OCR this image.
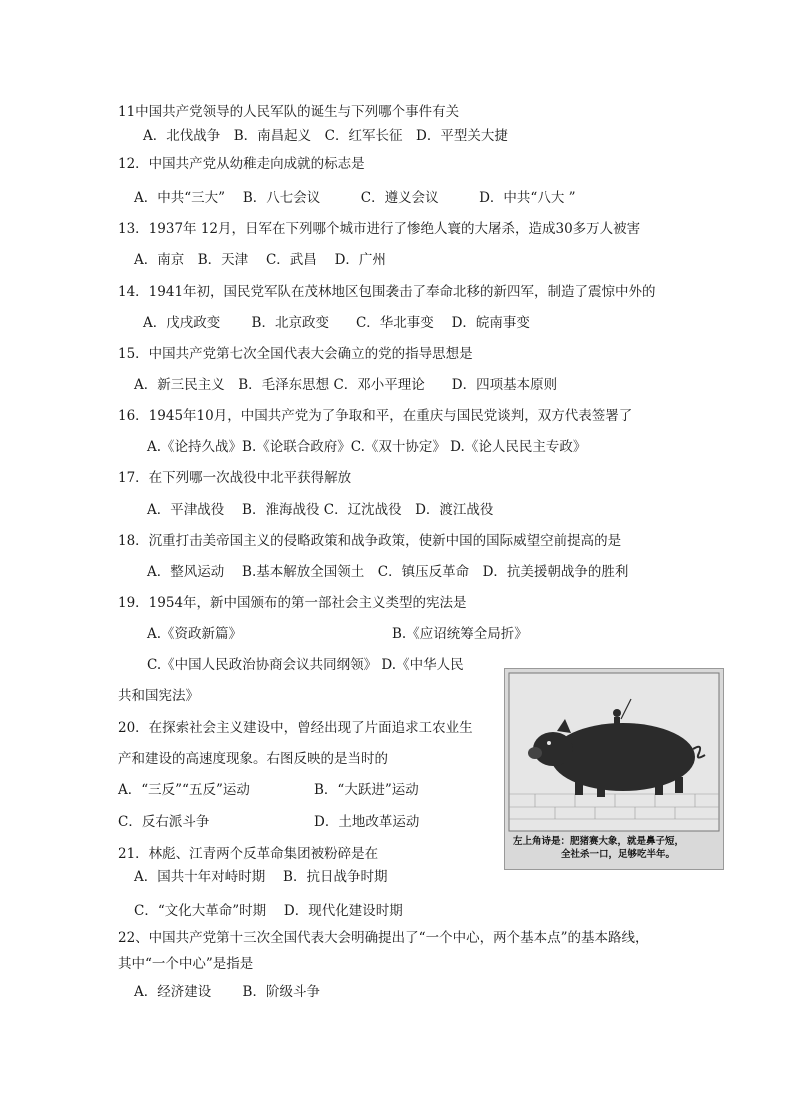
11中国共产党领导的人民军队的诞生与下列哪个事件有关
A．北伐战争　B．南昌起义　C．红军长征　D．平型关大捷
12．中国共产党从幼稚走向成就的标志是
A．中共“三大”　 B．八七会议　　　C．遵义会议　　　D．中共“八大 ”
13．1937年 12月，日军在下列哪个城市进行了惨绝人寰的大屠杀，造成30多万人被害
A．南京　B．天津　 C．武昌　 D．广州
14．1941年初，国民党军队在茂林地区包围袭击了奉命北移的新四军，制造了震惊中外的
A．戊戌政变　　 B．北京政变　　C．华北事变　 D．皖南事变
15．中国共产党第七次全国代表大会确立的党的指导思想是
A．新三民主义　B．毛泽东思想 C．邓小平理论　　D．四项基本原则
16．1945年10月，中国共产党为了争取和平，在重庆与国民党谈判，双方代表签署了
A.《论持久战》B.《论联合政府》C.《双十协定》 D.《论人民民主专政》
17．在下列哪一次战役中北平获得解放
A．平津战役　 B．淮海战役 C．辽沈战役　D．渡江战役
18．沉重打击美帝国主义的侵略政策和战争政策，使新中国的国际威望空前提高的是
A．整风运动　 B.基本解放全国领土　C．镇压反革命　D．抗美援朝战争的胜利
19．1954年，新中国颁布的第一部社会主义类型的宪法是
A.《资政新篇》	B.《应诏统筹全局折》
C.《中国人民政治协商会议共同纲领》 D.《中华人民
共和国宪法》
20．在探索社会主义建设中，曾经出现了片面追求工农业生
产和建设的高速度现象。右图反映的是当时的
A．“三反”“五反”运动	B．“大跃进”运动
C．反右派斗争	D．土地改革运动
左上角诗是：肥猪赛大象，就是鼻子短，
全社杀一口，足够吃半年。
21．林彪、江青两个反革命集团被粉碎是在
A．国共十年对峙时期　 B．抗日战争时期
C．“文化大革命”时期　 D．现代化建设时期
22、中国共产党第十三次全国代表大会明确提出了“一个中心，两个基本点”的基本路线，
其中“一个中心”是指是
A．经济建设　　 B．阶级斗争
